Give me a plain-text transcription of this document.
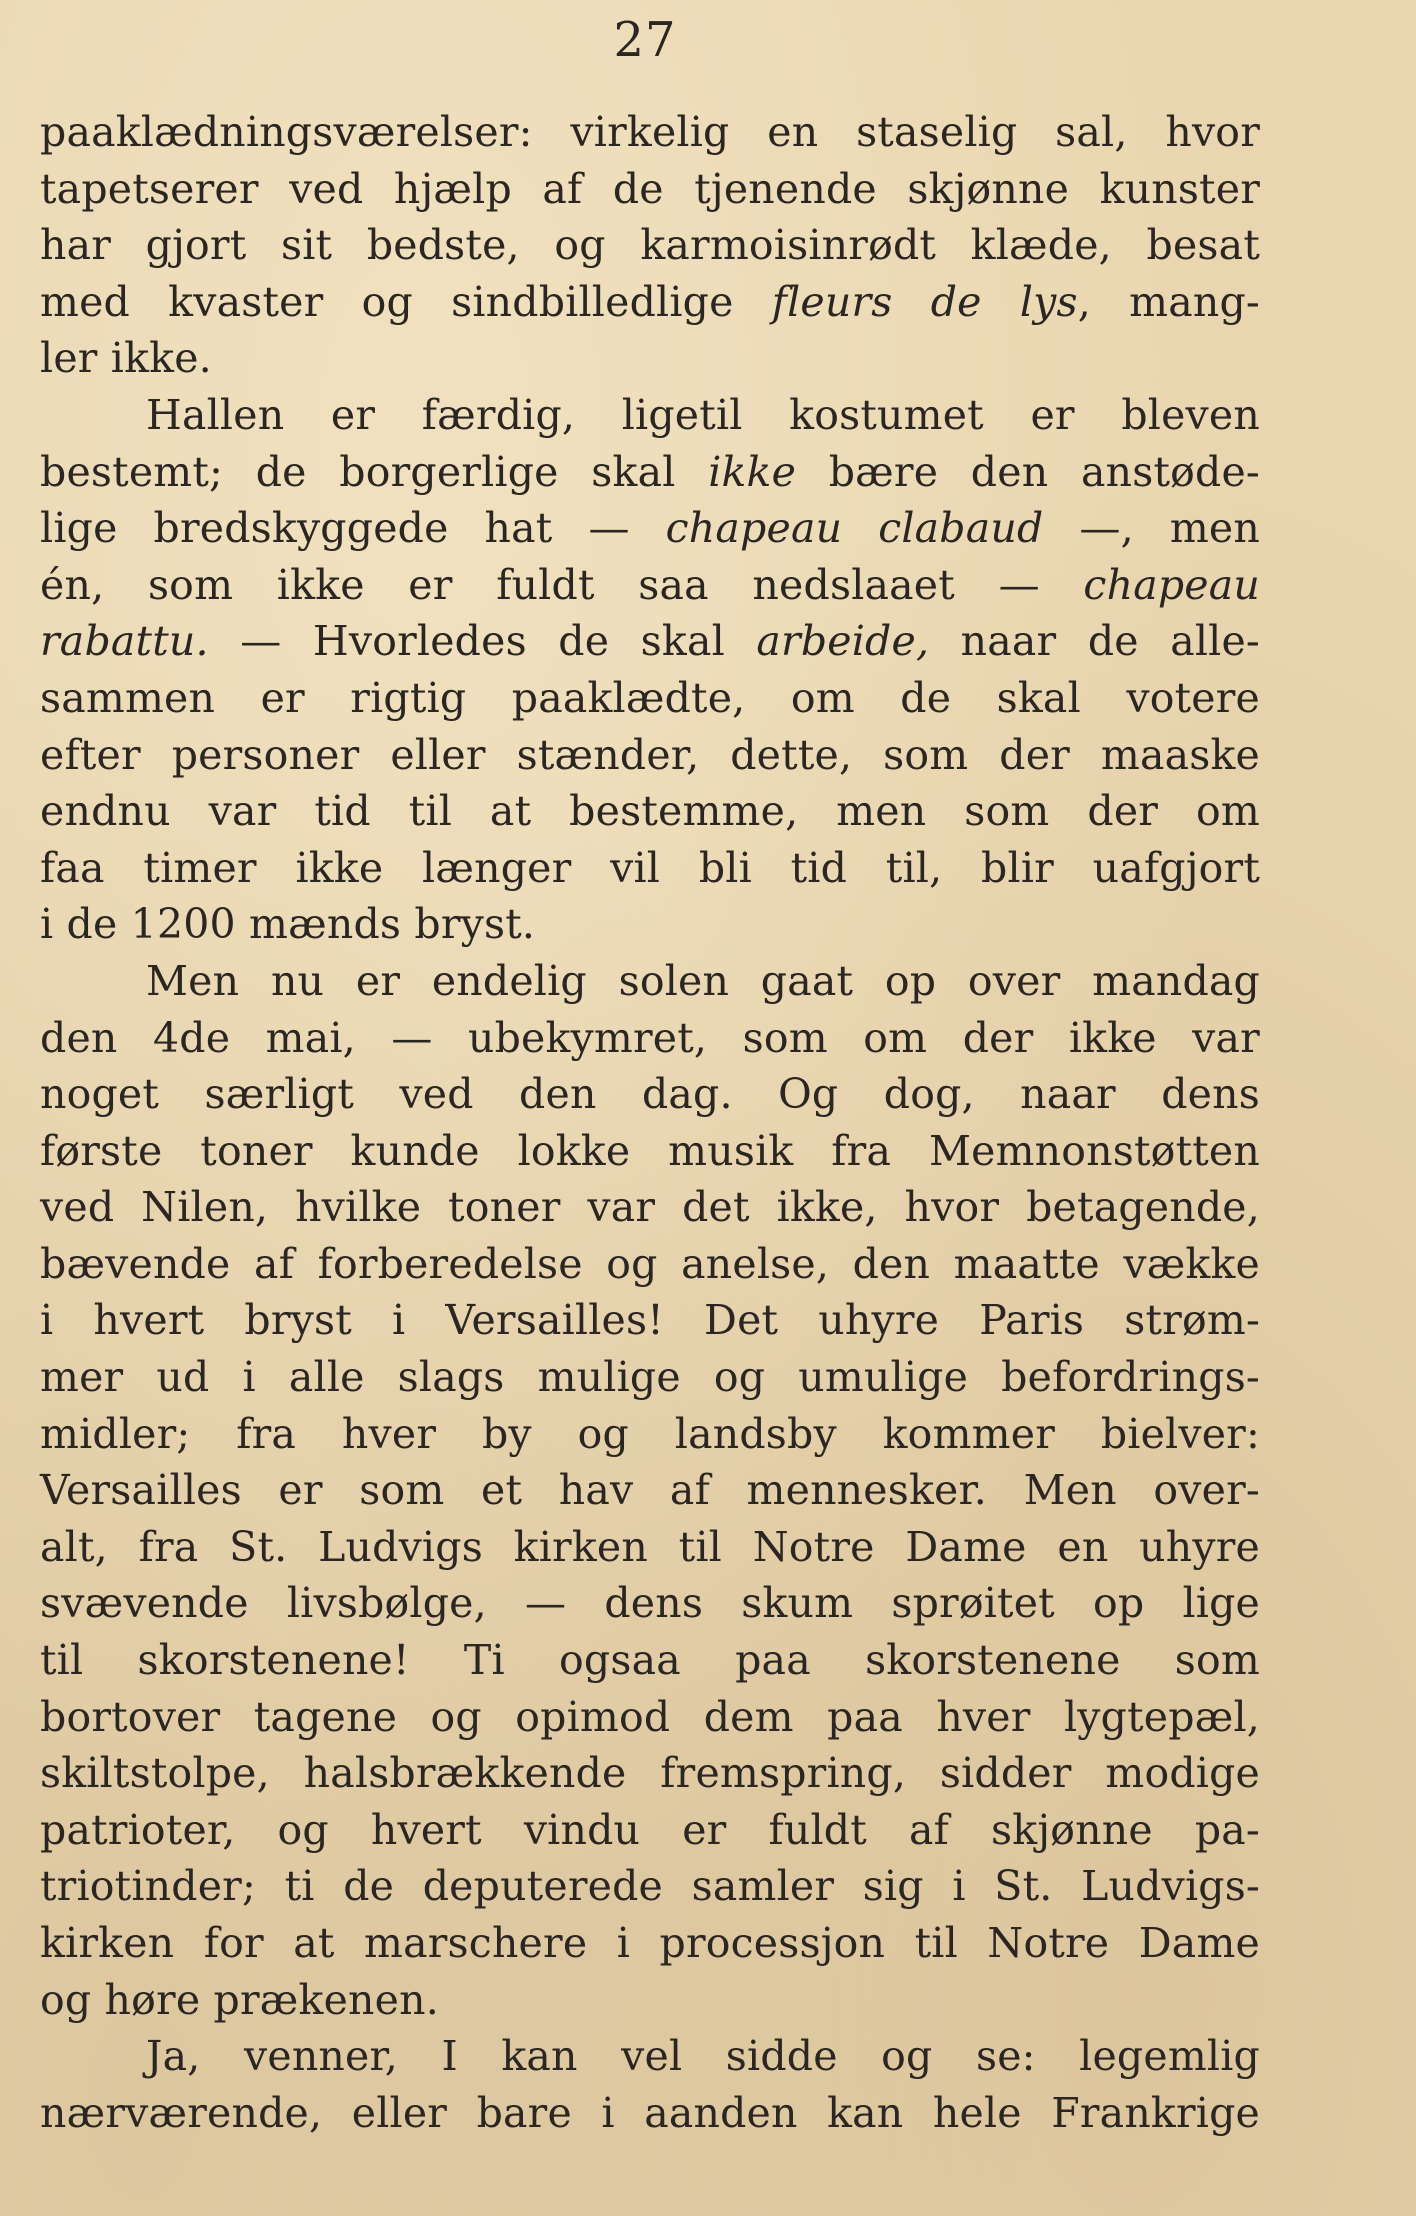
27
paaklædningsværelser: virkelig en staselig sal, hvor
tapetserer ved hjælp af de tjenende skjønne kunster
har gjort sit bedste, og karmoisinrødt klæde, besat
med kvaster og sindbilledlige fleurs de lys, mang-
ler ikke.
Hallen er færdig, ligetil kostumet er bleven
bestemt; de borgerlige skal ikke bære den anstøde-
lige bredskyggede hat — chapeau clabaud —, men
én, som ikke er fuldt saa nedslaaet — chapeau
rabattu. — Hvorledes de skal arbeide, naar de alle-
sammen er rigtig paaklædte, om de skal votere
efter personer eller stænder, dette, som der maaske
endnu var tid til at bestemme, men som der om
faa timer ikke længer vil bli tid til, blir uafgjort
i de 1200 mænds bryst.
Men nu er endelig solen gaat op over mandag
den 4de mai, — ubekymret, som om der ikke var
noget særligt ved den dag. Og dog, naar dens
første toner kunde lokke musik fra Memnonstøtten
ved Nilen, hvilke toner var det ikke, hvor betagende,
bævende af forberedelse og anelse, den maatte vække
i hvert bryst i Versailles! Det uhyre Paris strøm-
mer ud i alle slags mulige og umulige befordrings-
midler; fra hver by og landsby kommer bielver:
Versailles er som et hav af mennesker. Men over-
alt, fra St. Ludvigs kirken til Notre Dame en uhyre
svævende livsbølge, — dens skum sprøitet op lige
til skorstenene! Ti ogsaa paa skorstenene som
bortover tagene og opimod dem paa hver lygtepæl,
skiltstolpe, halsbrækkende fremspring, sidder modige
patrioter, og hvert vindu er fuldt af skjønne pa-
triotinder; ti de deputerede samler sig i St. Ludvigs-
kirken for at marschere i processjon til Notre Dame
og høre prækenen.
Ja, venner, I kan vel sidde og se: legemlig
nærværende, eller bare i aanden kan hele Frankrige
